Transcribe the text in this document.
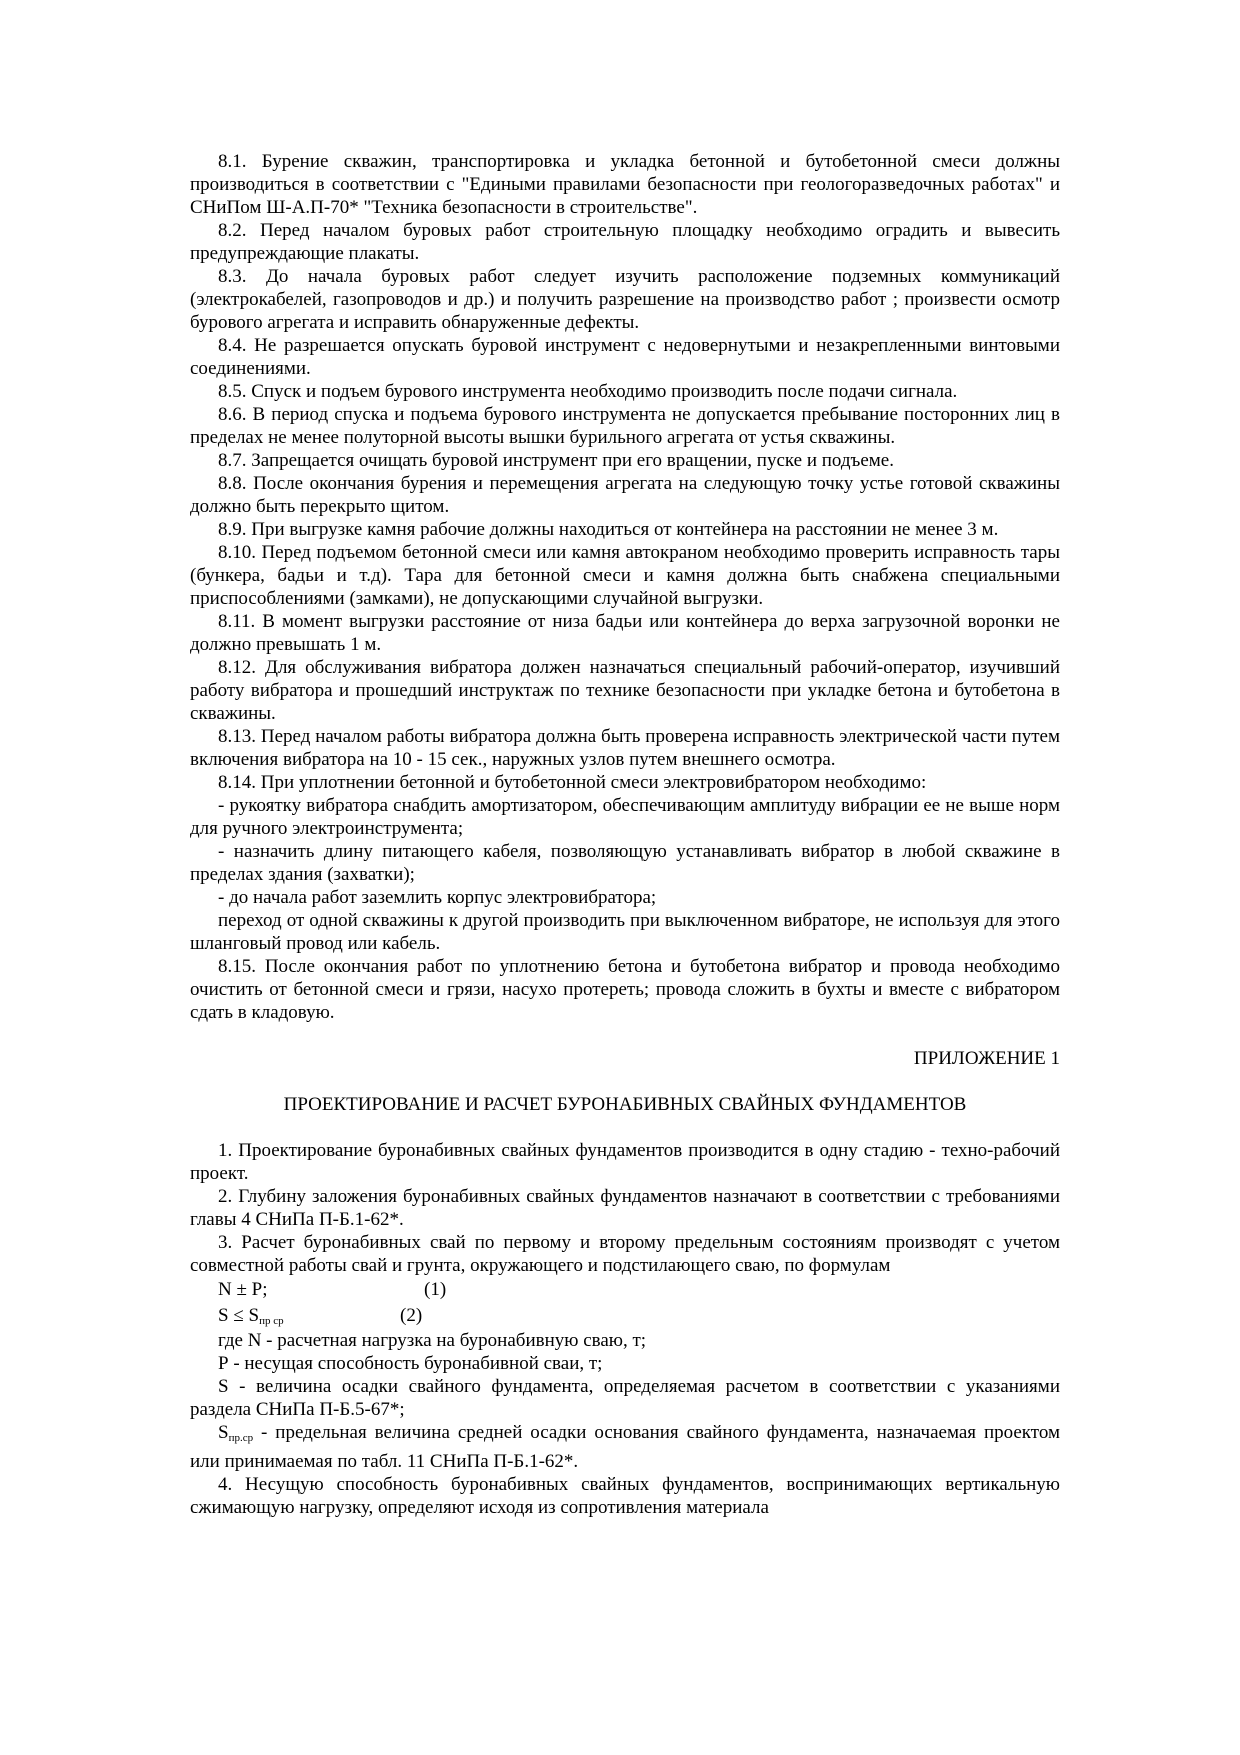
8.1. Бурение скважин, транспортировка и укладка бетонной и бутобетонной смеси должны производиться в соответствии с "Едиными правилами безопасности при геологоразведочных работах" и СНиПом Ш-А.П-70* "Техника безопасности в строительстве".

8.2. Перед началом буровых работ строительную площадку необходимо оградить и вывесить предупреждающие плакаты.

8.3. До начала буровых работ следует изучить расположение подземных коммуникаций (электрокабелей, газопроводов и др.) и получить разрешение на производство работ ; произвести осмотр бурового агрегата и исправить обнаруженные дефекты.

8.4. Не разрешается опускать буровой инструмент с недовернутыми и незакрепленными винтовыми соединениями.

8.5. Спуск и подъем бурового инструмента необходимо производить после подачи сигнала.

8.6. В период спуска и подъема бурового инструмента не допускается пребывание посторонних лиц в пределах не менее полуторной высоты вышки бурильного агрегата от устья скважины.

8.7. Запрещается очищать буровой инструмент при его вращении, пуске и подъеме.

8.8. После окончания бурения и перемещения агрегата на следующую точку устье готовой скважины должно быть перекрыто щитом.

8.9. При выгрузке камня рабочие должны находиться от контейнера на расстоянии не менее 3 м.

8.10. Перед подъемом бетонной смеси или камня автокраном необходимо проверить исправность тары (бункера, бадьи и т.д). Тара для бетонной смеси и камня должна быть снабжена специальными приспособлениями (замками), не допускающими случайной выгрузки.

8.11. В момент выгрузки расстояние от низа бадьи или контейнера до верха загрузочной воронки не должно превышать 1 м.

8.12. Для обслуживания вибратора должен назначаться специальный рабочий-оператор, изучивший работу вибратора и прошедший инструктаж по технике безопасности при укладке бетона и бутобетона в скважины.

8.13. Перед началом работы вибратора должна быть проверена исправность электрической части путем включения вибратора на 10 - 15 сек., наружных узлов путем внешнего осмотра.

8.14. При уплотнении бетонной и бутобетонной смеси электровибратором необходимо:

- рукоятку вибратора снабдить амортизатором, обеспечивающим амплитуду вибрации ее не выше норм для ручного электроинструмента;

- назначить длину питающего кабеля, позволяющую устанавливать вибратор в любой скважине в пределах здания (захватки);

- до начала работ заземлить корпус электровибратора;

переход от одной скважины к другой производить при выключенном вибраторе, не используя для этого шланговый провод или кабель.

8.15. После окончания работ по уплотнению бетона и бутобетона вибратор и провода необходимо очистить от бетонной смеси и грязи, насухо протереть; провода сложить в бухты и вместе с вибратором сдать в кладовую.

ПРИЛОЖЕНИЕ 1

ПРОЕКТИРОВАНИЕ И РАСЧЕТ БУРОНАБИВНЫХ СВАЙНЫХ ФУНДАМЕНТОВ

1. Проектирование буронабивных свайных фундаментов производится в одну стадию - техно-рабочий проект.

2. Глубину заложения буронабивных свайных фундаментов назначают в соответствии с требованиями главы 4 СНиПа П-Б.1-62*.

3. Расчет буронабивных свай по первому и второму предельным состояниям производят с учетом совместной работы свай и грунта, окружающего и подстилающего сваю, по формулам

N ± P;	(1)

$S \le S_{пр ср}$	(2)

где N - расчетная нагрузка на буронабивную сваю, т;

Р - несущая способность буронабивной сваи, т;

S - величина осадки свайного фундамента, определяемая расчетом в соответствии с указаниями раздела СНиПа П-Б.5-67*;

$S_{пр.ср}$ - предельная величина средней осадки основания свайного фундамента, назначаемая проектом или принимаемая по табл. 11 СНиПа П-Б.1-62*.

4. Несущую способность буронабивных свайных фундаментов, воспринимающих вертикальную сжимающую нагрузку, определяют исходя из сопротивления материала
